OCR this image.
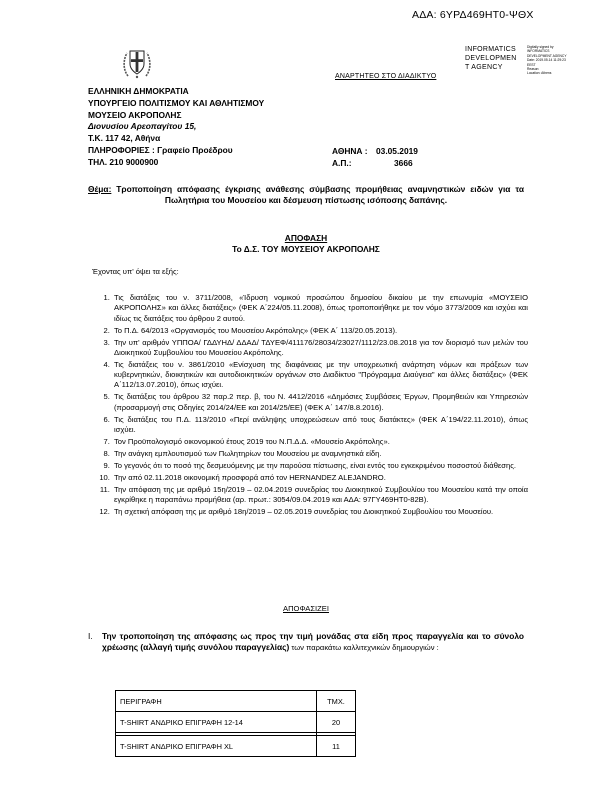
ΑΔΑ: 6ΥΡΔ469ΗΤ0-ΨΘΧ
INFORMATICS
DEVELOPMEN
T AGENCY
Digitally signed by
INFORMATICS
DEVELOPMENT AGENCY
Date: 2019.05.14 11:29:23
EEST
Reason:
Location: Athens
ΑΝΑΡΤΗΤΕΟ ΣΤΟ ΔΙΑΔΙΚΤΥΟ
ΕΛΛΗΝΙΚΗ ΔΗΜΟΚΡΑΤΙΑ
ΥΠΟΥΡΓΕΙΟ ΠΟΛΙΤΙΣΜΟΥ ΚΑΙ ΑΘΛΗΤΙΣΜΟΥ
ΜΟΥΣΕΙΟ ΑΚΡΟΠΟΛΗΣ
Διονυσίου Αρεοπαγίτου 15,
Τ.Κ. 117 42, Αθήνα
ΠΛΗΡΟΦΟΡΙΕΣ : Γραφείο Προέδρου
ΤΗΛ. 210 9000900
ΑΘΗΝΑ : 03.05.2019
Α.Π.:	3666
Θέμα: Τροποποίηση απόφασης έγκρισης ανάθεσης σύμβασης προμήθειας αναμνηστικών ειδών για τα Πωλητήρια του Μουσείου και δέσμευση πίστωσης ισόποσης δαπάνης.
ΑΠΟΦΑΣΗ
Το Δ.Σ. ΤΟΥ ΜΟΥΣΕΙΟΥ ΑΚΡΟΠΟΛΗΣ
Έχοντας υπ' όψει τα εξής:
1. Τις διατάξεις του ν. 3711/2008, «Ίδρυση νομικού προσώπου δημοσίου δικαίου με την επωνυμία «ΜΟΥΣΕΙΟ ΑΚΡΟΠΟΛΗΣ» και άλλες διατάξεις» (ΦΕΚ Α΄224/05.11.2008), όπως τροποποιήθηκε με τον νόμο 3773/2009 και ισχύει και ιδίως τις διατάξεις του άρθρου 2 αυτού.
2. Το Π.Δ. 64/2013 «Οργανισμός του Μουσείου Ακρόπολης» (ΦΕΚ Α΄ 113/20.05.2013).
3. Την υπ' αριθμόν ΥΠΠΟΑ/ ΓΔΔΥΗΔ/ ΔΔΑΔ/ ΤΔΥΕΦ/411176/28034/23027/1112/23.08.2018 για τον διορισμό των μελών του Διοικητικού Συμβουλίου του Μουσείου Ακρόπολης.
4. Τις διατάξεις του ν. 3861/2010 «Ενίσχυση της διαφάνειας με την υποχρεωτική ανάρτηση νόμων και πράξεων των κυβερνητικών, διοικητικών και αυτοδιοικητικών οργάνων στο Διαδίκτυο "Πρόγραμμα Διαύγεια" και άλλες διατάξεις» (ΦΕΚ Α΄112/13.07.2010), όπως ισχύει.
5. Τις διατάξεις του άρθρου 32 παρ.2 περ. β, του Ν. 4412/2016 «Δημόσιες Συμβάσεις Έργων, Προμηθειών και Υπηρεσιών (προσαρμογή στις Οδηγίες 2014/24/ΕΕ και 2014/25/ΕΕ) (ΦΕΚ Α΄ 147/8.8.2016).
6. Τις διατάξεις του Π.Δ. 113/2010 «Περί ανάληψης υποχρεώσεων από τους διατάκτες» (ΦΕΚ Α΄194/22.11.2010), όπως ισχύει.
7. Τον Προϋπολογισμό οικονομικού έτους 2019 του Ν.Π.Δ.Δ. «Μουσείο Ακρόπολης».
8. Την ανάγκη εμπλουτισμού των Πωλητηρίων του Μουσείου με αναμνηστικά είδη.
9. Το γεγονός ότι το ποσό της δεσμευόμενης με την παρούσα πίστωσης, είναι εντός του εγκεκριμένου ποσοστού διάθεσης.
10. Την από 02.11.2018 οικονομική προσφορά από τον HERNANDEZ ALEJANDRO.
11. Την απόφαση της με αριθμό 15η/2019 – 02.04.2019 συνεδρίας του Διοικητικού Συμβουλίου του Μουσείου κατά την οποία εγκρίθηκε η παραπάνω προμήθεια (αρ. πρωτ.: 3054/09.04.2019 και ΑΔΑ: 97ΓΥ469ΗΤ0-82Β).
12. Τη σχετική απόφαση της με αριθμό 18η/2019 – 02.05.2019 συνεδρίας του Διοικητικού Συμβουλίου του Μουσείου.
ΑΠΟΦΑΣΙΖΕΙ
I. Την τροποποίηση της απόφασης ως προς την τιμή μονάδας στα είδη προς παραγγελία και το σύνολο χρέωσης (αλλαγή τιμής συνόλου παραγγελίας) των παρακάτω καλλιτεχνικών δημιουργιών :
ΠΕΡΙΓΡΑΦΗ	ΤΜΧ.
T-SHIRT ΑΝΔΡΙΚΟ ΕΠΙΓΡΑΦΗ 12-14	20

T-SHIRT ΑΝΔΡΙΚΟ ΕΠΙΓΡΑΦΗ XL	11
